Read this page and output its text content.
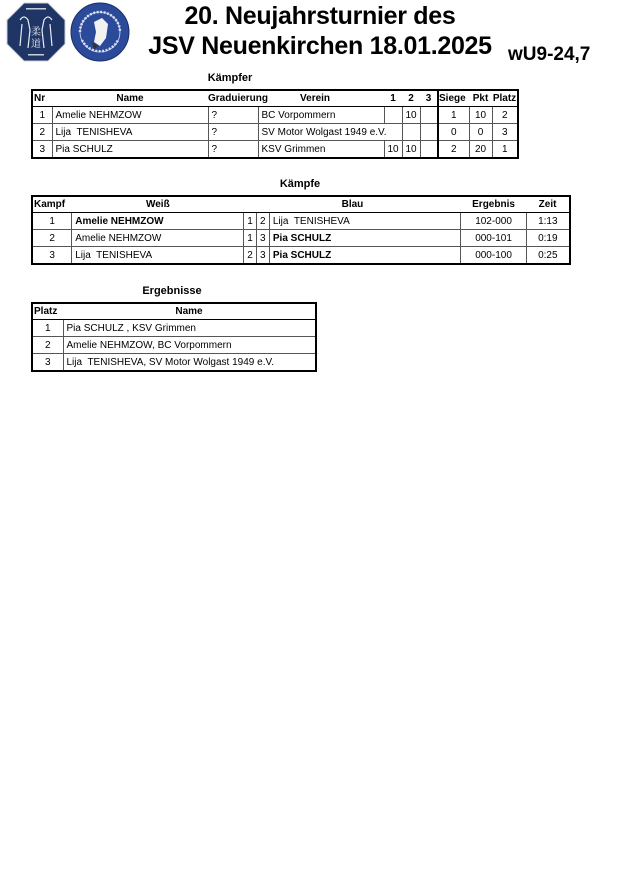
柔
道
20. Neujahrsturnier des
JSV Neuenkirchen 18.01.2025 wU9-24,7
Kämpfer
Nr	Name	Graduierung Verein		1	2	3	Siege	Pkt	Platz
1	Amelie NEHMZOW	?	BC Vorpommern		10		1	10	2
2	Lija  TENISHEVA	?	SV Motor Wolgast 1949 e.V.				0	0	3
3	Pia SCHULZ	?	KSV Grimmen	10	10		2	20	1
Kämpfe
Kampf	Weiß	Blau			Ergebnis	Zeit
1	Amelie NEHMZOW	1	2	Lija  TENISHEVA	102-000	1:13
2	Amelie NEHMZOW	1	3	Pia SCHULZ	000-101	0:19
3	Lija  TENISHEVA	2	3	Pia SCHULZ	000-100	0:25
Ergebnisse
Platz	Name
1	Pia SCHULZ , KSV Grimmen
2	Amelie NEHMZOW, BC Vorpommern
3	Lija  TENISHEVA, SV Motor Wolgast 1949 e.V.
